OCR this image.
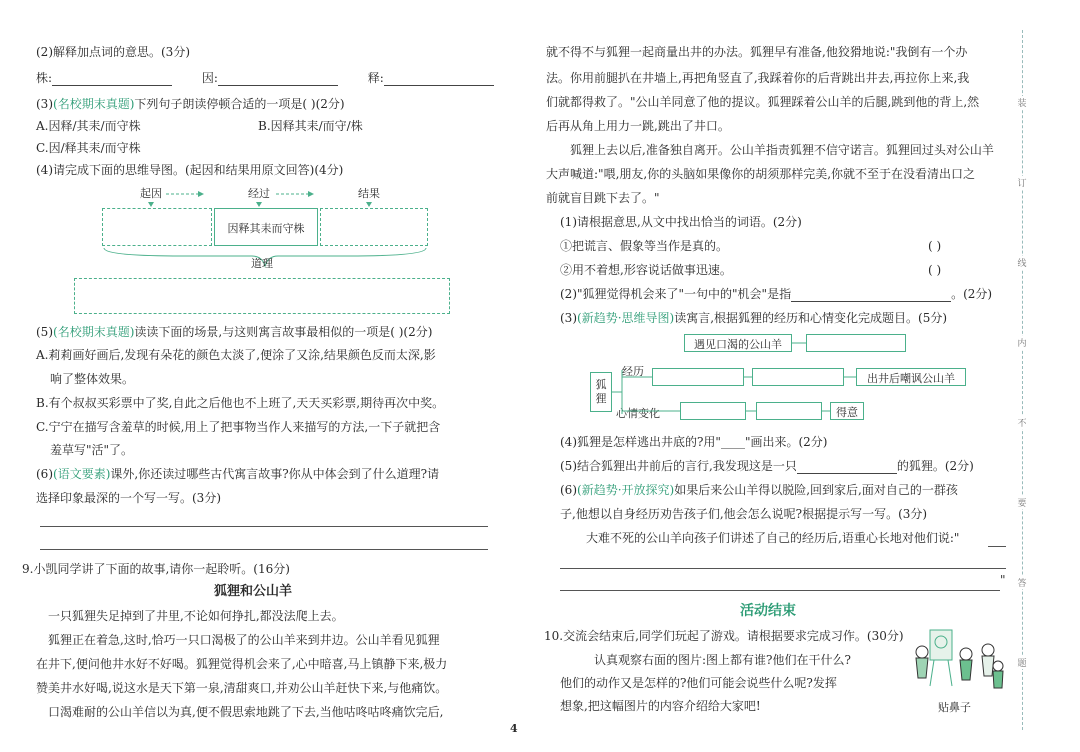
(2)解释加点词的意思。(3分)
株:	因:	释:
(3)(名校期末真题)下列句子朗读停顿合适的一项是( )(2分)
A.因释/其耒/而守株	B.因释其耒/而守/株
C.因/释其耒/而守株
(4)请完成下面的思维导图。(起因和结果用原文回答)(4分)
起因	经过	结果
因释其耒而守株
道理
(5)(名校期末真题)读读下面的场景,与这则寓言故事最相似的一项是( )(2分)
A.莉莉画好画后,发现有朵花的颜色太淡了,便涂了又涂,结果颜色反而太深,影
响了整体效果。
B.有个叔叔买彩票中了奖,自此之后他也不上班了,天天买彩票,期待再次中奖。
C.宁宁在描写含羞草的时候,用上了把事物当作人来描写的方法,一下子就把含
羞草写"活"了。
(6)(语文要素)课外,你还读过哪些古代寓言故事?你从中体会到了什么道理?请
选择印象最深的一个写一写。(3分)
9.小凯同学讲了下面的故事,请你一起聆听。(16分)
狐狸和公山羊
一只狐狸失足掉到了井里,不论如何挣扎,都没法爬上去。
狐狸正在着急,这时,恰巧一只口渴极了的公山羊来到井边。公山羊看见狐狸
在井下,便问他井水好不好喝。狐狸觉得机会来了,心中暗喜,马上镇静下来,极力
赞美井水好喝,说这水是天下第一泉,清甜爽口,并劝公山羊赶快下来,与他痛饮。
口渴难耐的公山羊信以为真,便不假思索地跳了下去,当他咕咚咕咚痛饮完后,
就不得不与狐狸一起商量出井的办法。狐狸早有准备,他狡猾地说:"我倒有一个办
法。你用前腿扒在井墙上,再把角竖直了,我踩着你的后背跳出井去,再拉你上来,我
们就都得救了。"公山羊同意了他的提议。狐狸踩着公山羊的后腿,跳到他的背上,然
后再从角上用力一跳,跳出了井口。
狐狸上去以后,准备独自离开。公山羊指责狐狸不信守诺言。狐狸回过头对公山羊
大声喊道:"喂,朋友,你的头脑如果像你的胡须那样完美,你就不至于在没看清出口之
前就盲目跳下去了。"
(1)请根据意思,从文中找出恰当的词语。(2分)
①把谎言、假象等当作是真的。	( )
②用不着想,形容说话做事迅速。	( )
(2)"狐狸觉得机会来了"一句中的"机会"是指	。(2分)
(3)(新趋势·思维导图)读寓言,根据狐狸的经历和心情变化完成题目。(5分)
遇见口渴的公山羊
狐狸
经历
出井后嘲讽公山羊
心情变化	得意
(4)狐狸是怎样逃出井底的?用"____"画出来。(2分)
(5)结合狐狸出井前后的言行,我发现这是一只	的狐狸。(2分)
(6)(新趋势·开放探究)如果后来公山羊得以脱险,回到家后,面对自己的一群孩
子,他想以自身经历劝告孩子们,他会怎么说呢?根据提示写一写。(3分)
大难不死的公山羊向孩子们讲述了自己的经历后,语重心长地对他们说:"
"
10.交流会结束后,同学们玩起了游戏。请根据要求完成习作。(30分)
认真观察右面的图片:图上都有谁?他们在干什么?
他们的动作又是怎样的?他们可能会说些什么呢?发挥
想象,把这幅图片的内容介绍给大家吧!	贴鼻子
活动结束
4
装
订
线
内
不
要
答
题
